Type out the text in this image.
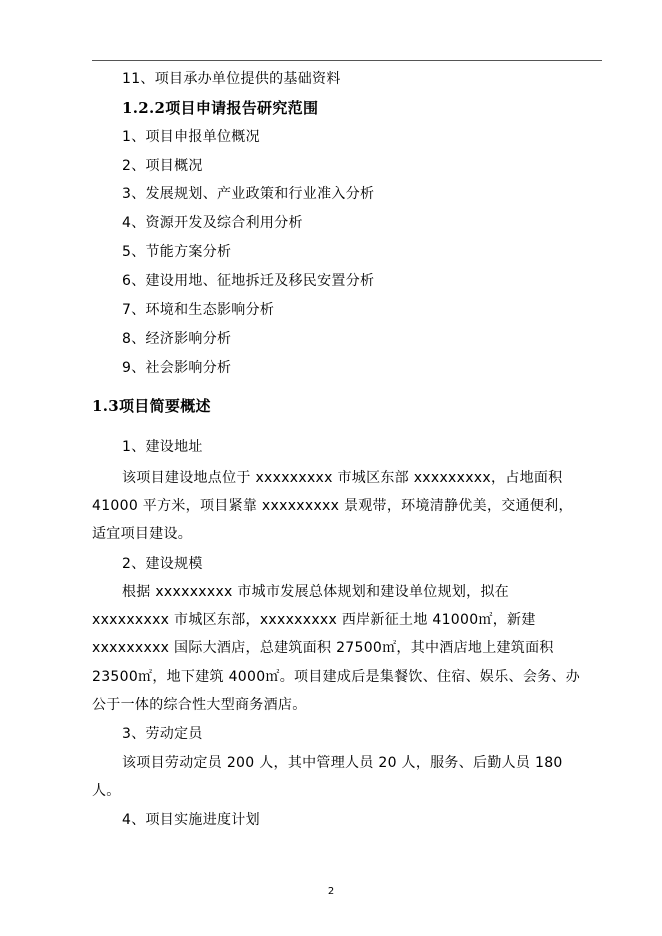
11、项目承办单位提供的基础资料
1.2.2项目申请报告研究范围
1、项目申报单位概况
2、项目概况
3、发展规划、产业政策和行业准入分析
4、资源开发及综合利用分析
5、节能方案分析
6、建设用地、征地拆迁及移民安置分析
7、环境和生态影响分析
8、经济影响分析
9、社会影响分析
1.3项目简要概述
1、建设地址
该项目建设地点位于 xxxxxxxxx 市城区东部 xxxxxxxxx，占地面积
41000 平方米，项目紧靠 xxxxxxxxx 景观带，环境清静优美，交通便利，
适宜项目建设。
2、建设规模
根据 xxxxxxxxx 市城市发展总体规划和建设单位规划，拟在
xxxxxxxxx 市城区东部，xxxxxxxxx 西岸新征土地 41000㎡，新建
xxxxxxxxx 国际大酒店，总建筑面积 27500㎡，其中酒店地上建筑面积
23500㎡，地下建筑 4000㎡。项目建成后是集餐饮、住宿、娱乐、会务、办
公于一体的综合性大型商务酒店。
3、劳动定员
该项目劳动定员 200 人，其中管理人员 20 人，服务、后勤人员 180
人。
4、项目实施进度计划
2
